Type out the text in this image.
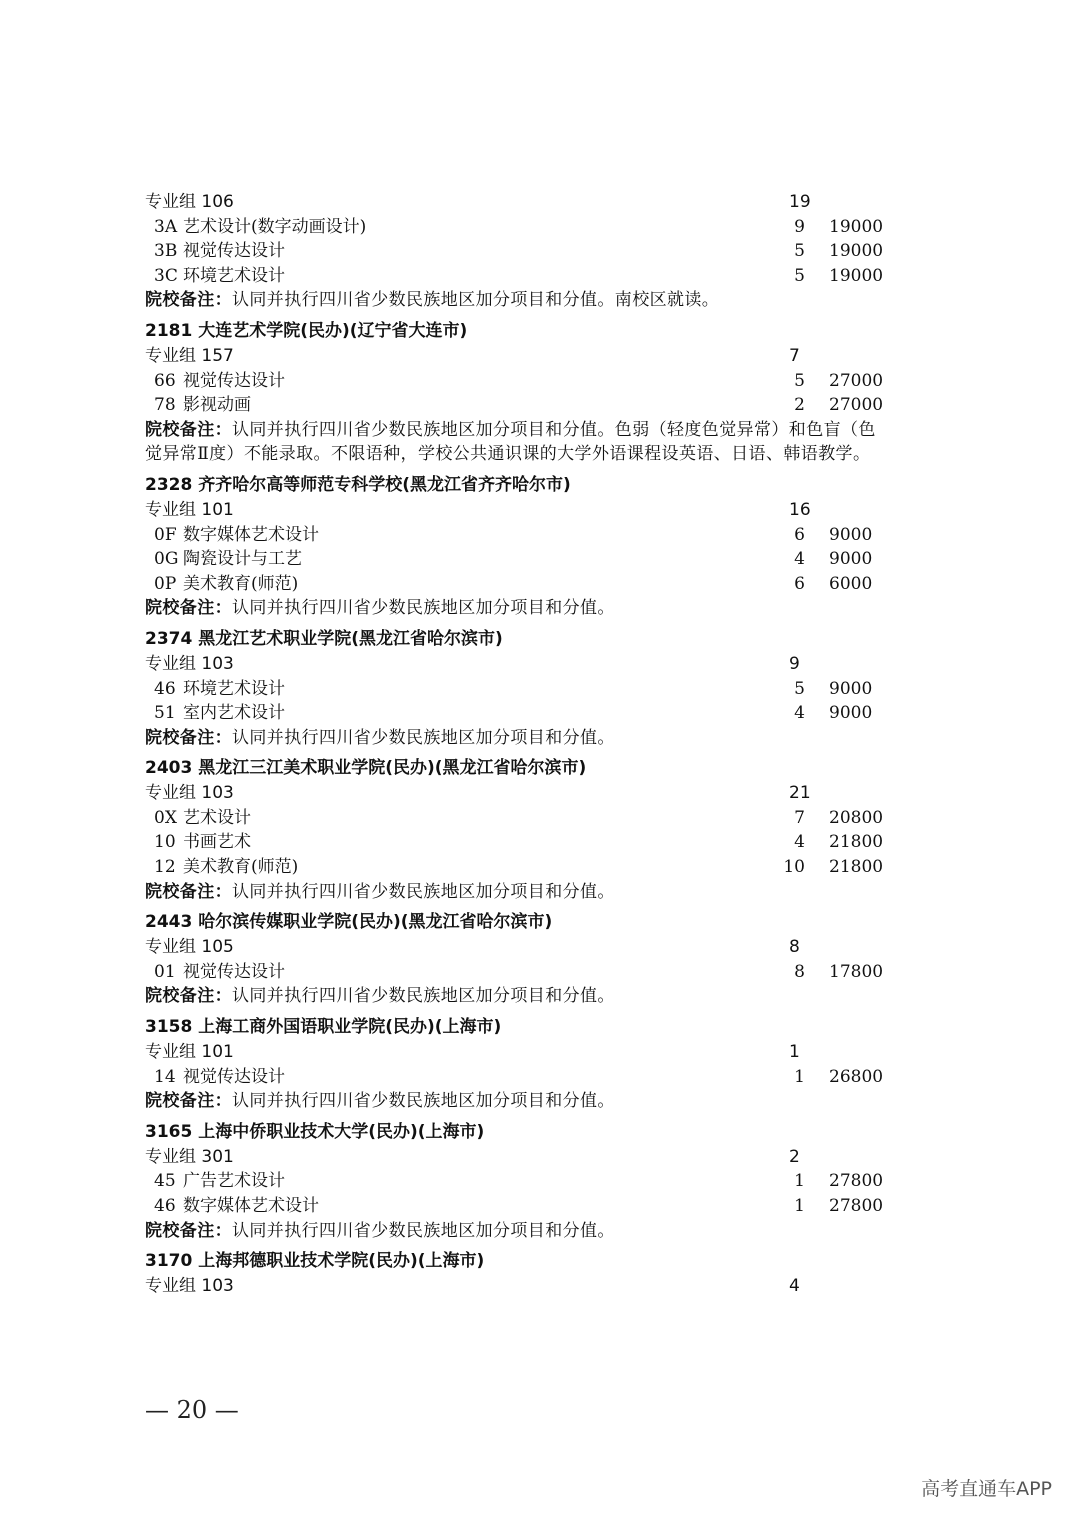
专业组 106	19
3A 艺术设计(数字动画设计)	9 19000
3B 视觉传达设计	5 19000
3C 环境艺术设计	5 19000
院校备注：认同并执行四川省少数民族地区加分项目和分值。南校区就读。
2181 大连艺术学院(民办)(辽宁省大连市)
专业组 157	7
66 视觉传达设计	5 27000
78 影视动画	2 27000
院校备注：认同并执行四川省少数民族地区加分项目和分值。色弱（轻度色觉异常）和色盲（色
觉异常Ⅱ度）不能录取。不限语种，学校公共通识课的大学外语课程设英语、日语、韩语教学。
2328 齐齐哈尔高等师范专科学校(黑龙江省齐齐哈尔市)
专业组 101	16
0F 数字媒体艺术设计	6 9000
0G 陶瓷设计与工艺	4 9000
0P 美术教育(师范)	6 6000
院校备注：认同并执行四川省少数民族地区加分项目和分值。
2374 黑龙江艺术职业学院(黑龙江省哈尔滨市)
专业组 103	9
46 环境艺术设计	5 9000
51 室内艺术设计	4 9000
院校备注：认同并执行四川省少数民族地区加分项目和分值。
2403 黑龙江三江美术职业学院(民办)(黑龙江省哈尔滨市)
专业组 103	21
0X 艺术设计	7 20800
10 书画艺术	4 21800
12 美术教育(师范)	10 21800
院校备注：认同并执行四川省少数民族地区加分项目和分值。
2443 哈尔滨传媒职业学院(民办)(黑龙江省哈尔滨市)
专业组 105	8
01 视觉传达设计	8 17800
院校备注：认同并执行四川省少数民族地区加分项目和分值。
3158 上海工商外国语职业学院(民办)(上海市)
专业组 101	1
14 视觉传达设计	1 26800
院校备注：认同并执行四川省少数民族地区加分项目和分值。
3165 上海中侨职业技术大学(民办)(上海市)
专业组 301	2
45 广告艺术设计	1 27800
46 数字媒体艺术设计	1 27800
院校备注：认同并执行四川省少数民族地区加分项目和分值。
3170 上海邦德职业技术学院(民办)(上海市)
专业组 103	4
— 20 —
高考直通车APP
